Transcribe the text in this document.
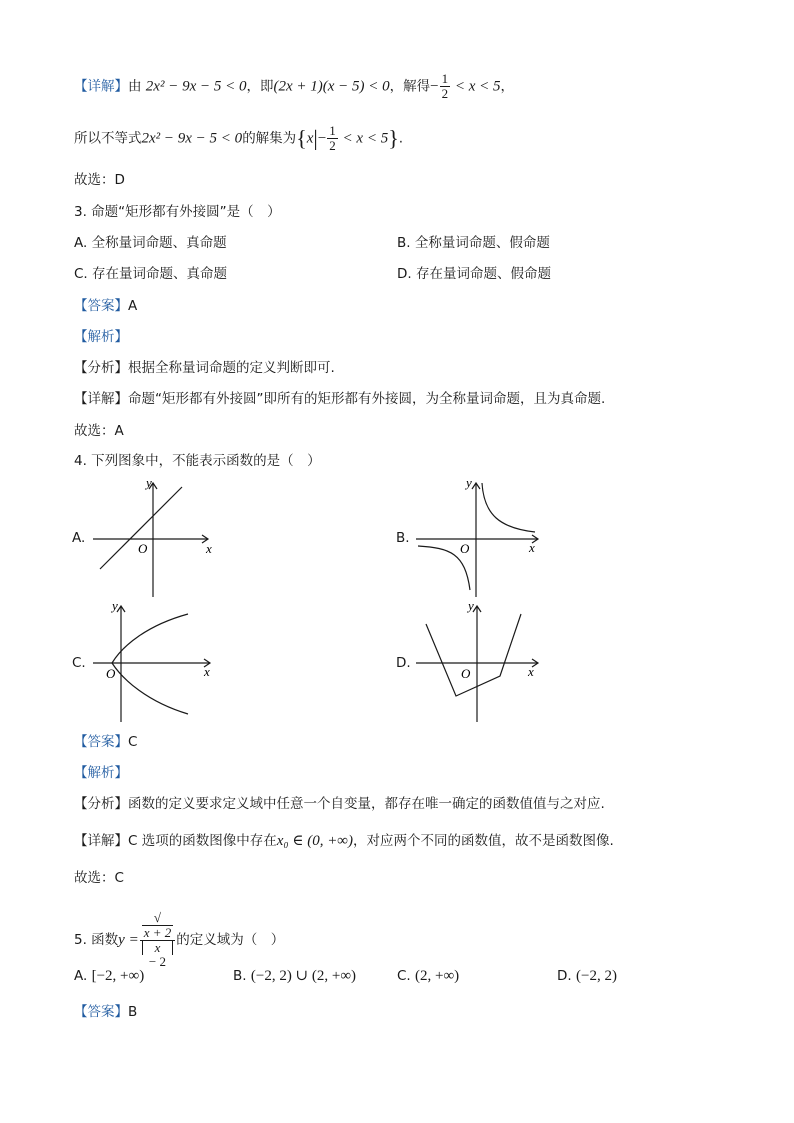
【详解】由 2x² − 9x − 5 < 0，即(2x + 1)(x − 5) < 0，解得− $\frac{1}{2} < x < 5$，
所以不等式2x² − 9x − 5 < 0的解集为$\{x|- \frac{1}{2} < x < 5\}$.
故选：D
3. 命题“矩形都有外接圆”是（　）
A. 全称量词命题、真命题	B. 全称量词命题、假命题
C. 存在量词命题、真命题	D. 存在量词命题、假命题
【答案】A
【解析】
【分析】根据全称量词命题的定义判断即可.
【详解】命题“矩形都有外接圆”即所有的矩形都有外接圆，为全称量词命题，且为真命题.
故选：A
4. 下列图象中，不能表示函数的是（　）
A.
y
x
O
B.
y
x
O
C.
y
x
O
D.
y
x
O
【答案】C
【解析】
【分析】函数的定义要求定义域中任意一个自变量，都存在唯一确定的函数值值与之对应.
【详解】C 选项的函数图像中存在x₀ ∈ (0, +∞)，对应两个不同的函数值，故不是函数图像.
故选：C
5. 函数y = √
x + 2
x
− 2 的定义域为（　）
A. [−2, +∞)	B. (−2, 2) ∪ (2, +∞)	C. (2, +∞)	D. (−2, 2)
【答案】B
